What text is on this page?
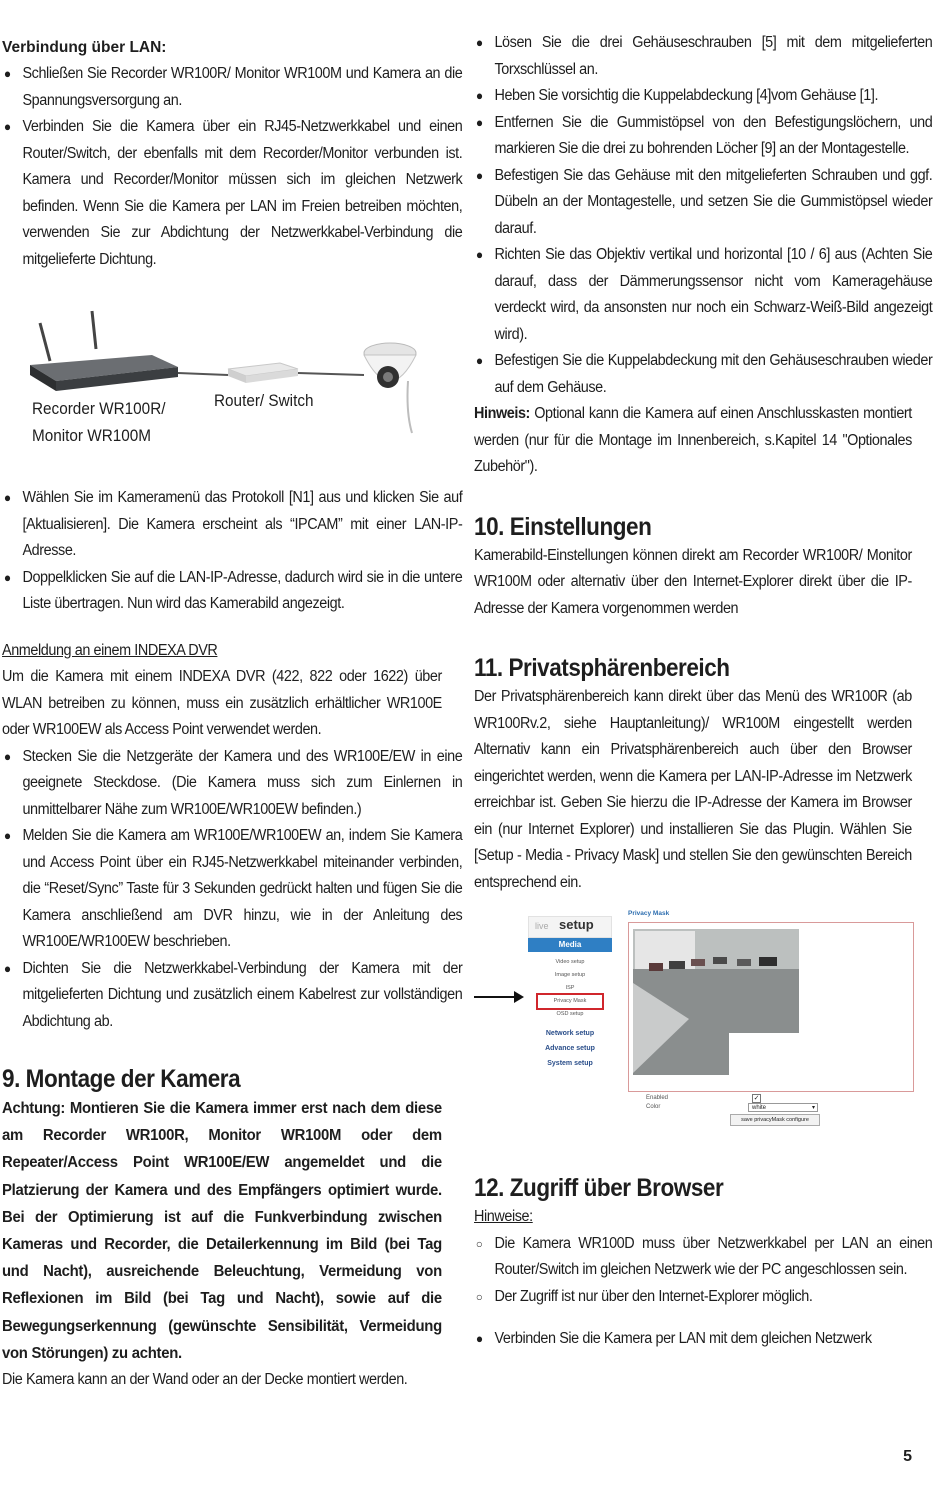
Verbindung über LAN:
● Schließen Sie Recorder WR100R/ Monitor WR100M und Kamera an die Spannungsversorgung an.
● Verbinden Sie die Kamera über ein RJ45-Netzwerkkabel und einen Router/Switch, der ebenfalls mit dem Recorder/Monitor verbunden ist. Kamera und Recorder/Monitor müssen sich im gleichen Netzwerk befinden. Wenn Sie die Kamera per LAN im Freien betreiben möchten, verwenden Sie zur Abdichtung der Netzwerkkabel-Verbindung die mitgelieferte Dichtung.
Recorder WR100R/
Monitor WR100M
Router/ Switch
● Wählen Sie im Kameramenü das Protokoll [N1] aus und klicken Sie auf [Aktualisieren]. Die Kamera erscheint als “IPCAM” mit einer LAN-IP-Adresse.
● Doppelklicken Sie auf die LAN-IP-Adresse, dadurch wird sie in die untere Liste übertragen. Nun wird das Kamerabild angezeigt.
Anmeldung an einem INDEXA DVR
Um die Kamera mit einem INDEXA DVR (422, 822 oder 1622) über WLAN betreiben zu können, muss ein zusätzlich erhältlicher WR100E oder WR100EW als Access Point verwendet werden.
● Stecken Sie die Netzgeräte der Kamera und des WR100E/EW in eine geeignete Steckdose. (Die Kamera muss sich zum Einlernen in unmittelbarer Nähe zum WR100E/WR100EW befinden.)
● Melden Sie die Kamera am WR100E/WR100EW an, indem Sie Kamera und Access Point über ein RJ45-Netzwerkkabel miteinander verbinden, die “Reset/Sync” Taste für 3 Sekunden gedrückt halten und fügen Sie die Kamera anschließend am DVR hinzu, wie in der Anleitung des WR100E/WR100EW beschrieben.
● Dichten Sie die Netzwerkkabel-Verbindung der Kamera mit der mitgelieferten Dichtung und zusätzlich einem Kabelrest zur vollständigen Abdichtung ab.
9. Montage der Kamera
Achtung: Montieren Sie die Kamera immer erst nach dem diese am Recorder WR100R, Monitor WR100M oder dem Repeater/Access Point WR100E/EW angemeldet und die Platzierung der Kamera und des Empfängers optimiert wurde. Bei der Optimierung ist auf die Funkverbindung zwischen Kameras und Recorder, die Detailerkennung im Bild (bei Tag und Nacht), ausreichende Beleuchtung, Vermeidung von Reflexionen im Bild (bei Tag und Nacht), sowie auf die Bewegungserkennung (gewünschte Sensibilität, Vermeidung von Störungen) zu achten.
Die Kamera kann an der Wand oder an der Decke montiert werden.
● Lösen Sie die drei Gehäuseschrauben [5] mit dem mitgelieferten Torxschlüssel an.
● Heben Sie vorsichtig die Kuppelabdeckung [4]vom Gehäuse [1].
● Entfernen Sie die Gummistöpsel von den Befestigungslöchern, und markieren Sie die drei zu bohrenden Löcher [9] an der Montagestelle.
● Befestigen Sie das Gehäuse mit den mitgelieferten Schrauben und ggf. Dübeln an der Montagestelle, und setzen Sie die Gummistöpsel wieder darauf.
● Richten Sie das Objektiv vertikal und horizontal [10 / 6] aus (Achten Sie darauf, dass der Dämmerungssensor nicht vom Kameragehäuse verdeckt wird, da ansonsten nur noch ein Schwarz-Weiß-Bild angezeigt wird).
● Befestigen Sie die Kuppelabdeckung mit den Gehäuseschrauben wieder auf dem Gehäuse.
Hinweis: Optional kann die Kamera auf einen Anschlusskasten montiert werden (nur für die Montage im Innenbereich, s.Kapitel 14 "Optionales Zubehör").
10. Einstellungen
Kamerabild-Einstellungen können direkt am Recorder WR100R/ Monitor WR100M oder alternativ über den Internet-Explorer direkt über die IP-Adresse der Kamera vorgenommen werden
11. Privatsphärenbereich
Der Privatsphärenbereich kann direkt über das Menü des WR100R (ab WR100Rv.2, siehe Hauptanleitung)/ WR100M eingestellt werden Alternativ kann ein Privatsphärenbereich auch über den Browser eingerichtet werden, wenn die Kamera per LAN-IP-Adresse im Netzwerk erreichbar ist. Geben Sie hierzu die IP-Adresse der Kamera im Browser ein (nur Internet Explorer) und installieren Sie das Plugin. Wählen Sie [Setup - Media - Privacy Mask] und stellen Sie den gewünschten Bereich entsprechend ein.
live setup
Media
Video setup
Image setup
ISP
Privacy Mask
OSD setup
Network setup
Advance setup
System setup
Privacy Mask
Enabled
Color
✓
white	▾
save privacyMask configure
12. Zugriff über Browser
Hinweise:
○ Die Kamera WR100D muss über Netzwerkkabel per LAN an einen Router/Switch im gleichen Netzwerk wie der PC angeschlossen sein.
○ Der Zugriff ist nur über den Internet-Explorer möglich.
● Verbinden Sie die Kamera per LAN mit dem gleichen Netzwerk
5
